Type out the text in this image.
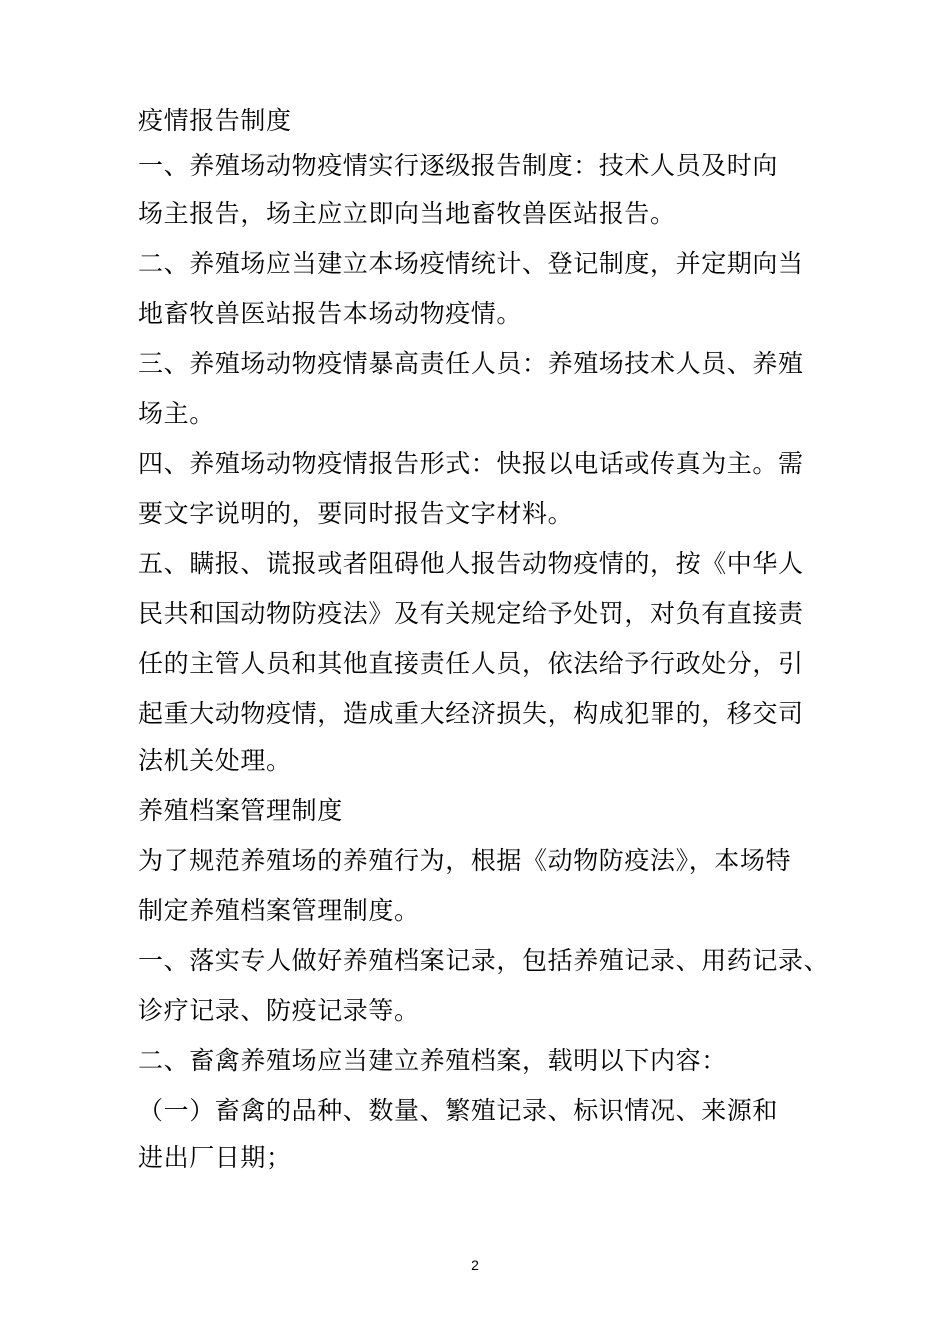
疫情报告制度
一、养殖场动物疫情实行逐级报告制度：技术人员及时向
场主报告，场主应立即向当地畜牧兽医站报告。
二、养殖场应当建立本场疫情统计、登记制度，并定期向当
地畜牧兽医站报告本场动物疫情。
三、养殖场动物疫情暴高责任人员：养殖场技术人员、养殖
场主。
四、养殖场动物疫情报告形式：快报以电话或传真为主。需
要文字说明的，要同时报告文字材料。
五、瞒报、谎报或者阻碍他人报告动物疫情的，按《中华人
民共和国动物防疫法》及有关规定给予处罚，对负有直接责
任的主管人员和其他直接责任人员，依法给予行政处分，引
起重大动物疫情，造成重大经济损失，构成犯罪的，移交司
法机关处理。
养殖档案管理制度
为了规范养殖场的养殖行为，根据《动物防疫法》，本场特
制定养殖档案管理制度。
一、落实专人做好养殖档案记录，包括养殖记录、用药记录、
诊疗记录、防疫记录等。
二、畜禽养殖场应当建立养殖档案，载明以下内容：
（一）畜禽的品种、数量、繁殖记录、标识情况、来源和
进出厂日期；
2
